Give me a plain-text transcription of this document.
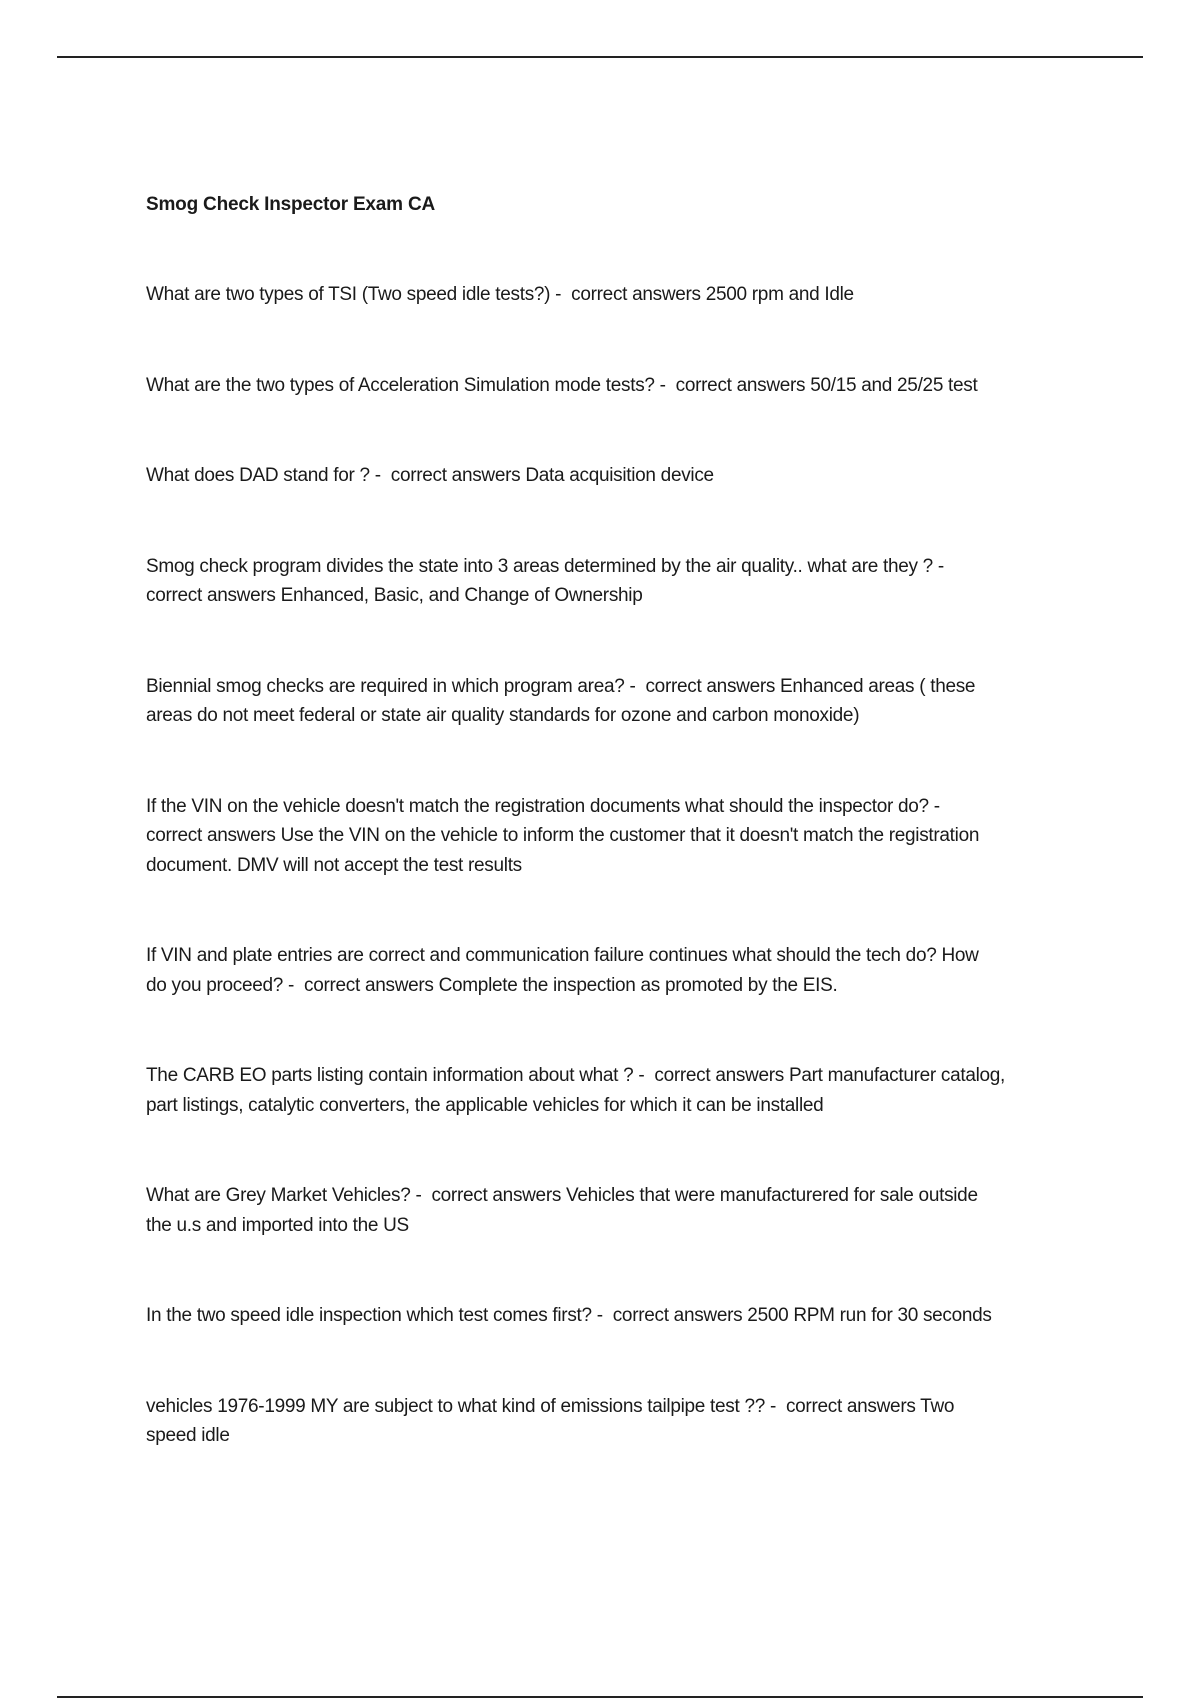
Smog Check Inspector Exam CA

What are two types of TSI (Two speed idle tests?) -  correct answers 2500 rpm and Idle

What are the two types of Acceleration Simulation mode tests? -  correct answers 50/15 and 25/25 test

What does DAD stand for ? -  correct answers Data acquisition device

Smog check program divides the state into 3 areas determined by the air quality.. what are they ? -
correct answers Enhanced, Basic, and Change of Ownership

Biennial smog checks are required in which program area? -  correct answers Enhanced areas ( these
areas do not meet federal or state air quality standards for ozone and carbon monoxide)

If the VIN on the vehicle doesn't match the registration documents what should the inspector do? -
correct answers Use the VIN on the vehicle to inform the customer that it doesn't match the registration
document. DMV will not accept the test results

If VIN and plate entries are correct and communication failure continues what should the tech do? How
do you proceed? -  correct answers Complete the inspection as promoted by the EIS.

The CARB EO parts listing contain information about what ? -  correct answers Part manufacturer catalog,
part listings, catalytic converters, the applicable vehicles for which it can be installed

What are Grey Market Vehicles? -  correct answers Vehicles that were manufacturered for sale outside
the u.s and imported into the US

In the two speed idle inspection which test comes first? -  correct answers 2500 RPM run for 30 seconds

vehicles 1976-1999 MY are subject to what kind of emissions tailpipe test ?? -  correct answers Two
speed idle
